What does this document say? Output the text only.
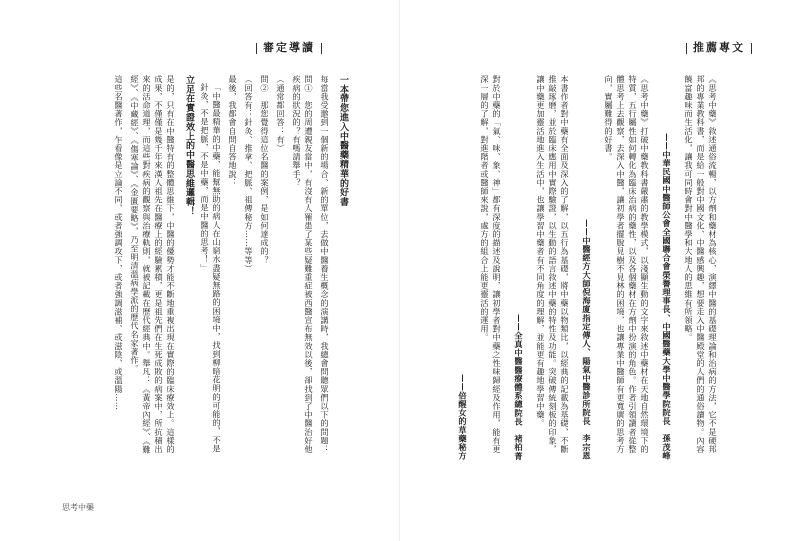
推薦專文

《思考中藥》敘述通俗流暢，以方劑和藥材為核心，演繹中醫的基礎理論和治病的方法，它不是硬邦邦的專業教科書，而是給一般對中國文化、中醫感興趣，想要走入中醫殿堂的人們的通俗讀物。內容饒富趣味而生活化，讓我可同時會對中醫學和大地人的思維有所領略。

——中華民國中醫師公會全國聯合會榮譽理事長、中國醫藥大學中醫學院院長　孫茂峰

《思考中藥》打破中藥教科書嚴肅的教學模式，以淺顯生動的文字來敘述中藥材在天地自然環境下的特質，五行屬性如何轉化為臨床治病的藥性，以及各個藥材在方劑中扮演的角色。作者引領讀者從整體思考上去觀察，去深入中醫，讓初學者擺脫見樹不見林的困境，也讓專業中醫師有更寬廣的思考方向，實屬難得的好書。

——中醫經方大師倪海廈指定傳人、陽氣中醫診所院長　李宗恩

本書作者對中藥有全面及深入的了解，以五行為基礎，將中藥以物類比，以經典的記載為基礎，不斷推敲琢磨，並於臨床應用中實際驗證，以生動的語言敘述中藥的特性及功能。突破傳統刻板的印象，讓中藥更加靈活地進入生活中，也讓學習中藥者有不同角度的理解，並能更有趣地學習中藥。

——全真中醫醫療體系總院長　褚柏菁

對於中藥的「氣、味、象、神」都有深度的描述及說明，讓初學者對中藥之性味歸經及作用，能有更深一層的了解，對進階者或醫師來說，處方的組合上能更靈活的運用。

——倍醒女的草藥秘方

審定導讀

一本帶您進入中醫藥精華的好書

每當我受邀到一個新的場合、新的單位，去做中醫養生概念的演講時，我總會問聽眾們以下的問題：

問①　您的周遭親友當中，有沒有人罹患了某些疑難重症被西醫宣布無效以後，卻找到了中醫治好他疾病的狀況的？有嗎請舉手？

（通常都回答：有）

問②　那您覺得這位名醫的案例，是如何達成的？

（回答有：針灸、推拿、把脈、祖傳秘方……等等）

最後，我都會自問自答地說：

「中醫最精華的中藥，能幫無助的病人在山窮水盡疑無路的困境中，找到柳暗花明的可能的，不是針灸，不是把脈，不是中藥，而是中醫的思考！」

立足在實證效上的中醫思維邏輯！

是的，只有在中醫特有的整體思維下，中醫的優勢才能不斷地重複出現在實際的臨床療效上。這樣的成果，不僅僅是幾千年來漢人祖先在醫療上的經驗累積，更是祖先們在生死成敗的病案中，所抗積出來的活命道理，而這些對疾病的觀察與治療軌則，就被記載在歷代經典中。舉凡：《黃帝內經》、《難經》、《中藏經》、《傷寒論》、《金匱要略》，乃至明清溫病學派的歷代名家著作。

這些名醫著作，乍看像是立論不同，或者強調攻下，或者強調滋補、或滋陰、或溫陽……

思考中藥
